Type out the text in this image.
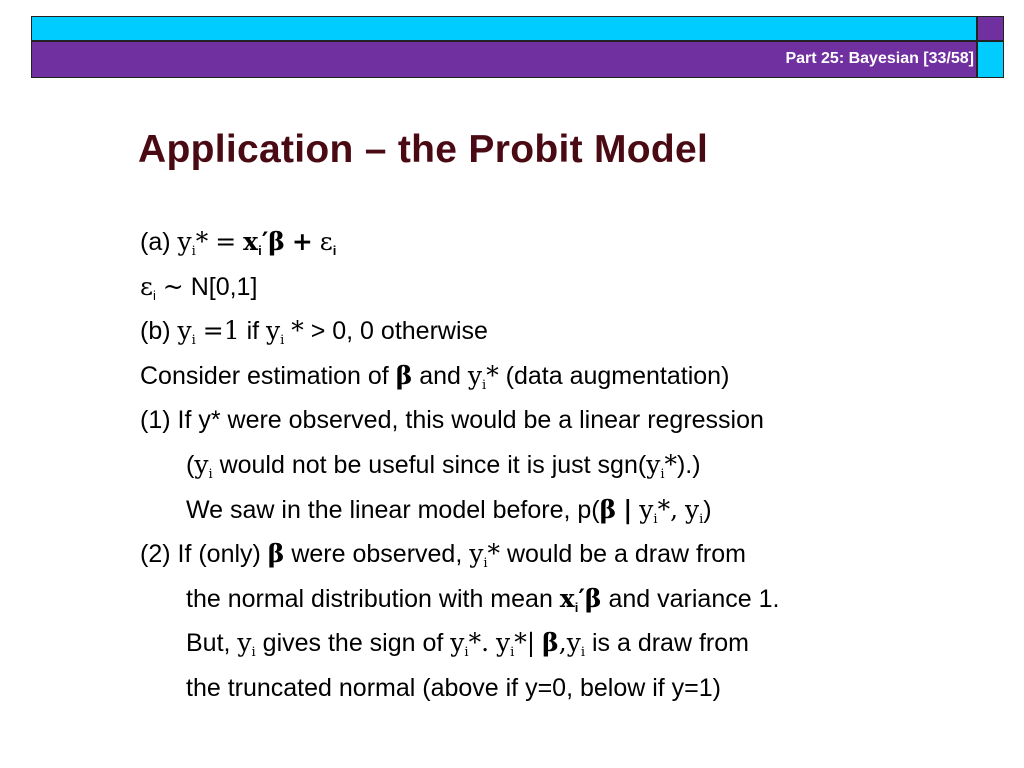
Part 25: Bayesian [33/58]
Application – the Probit Model
(a) $y_i* = x_i'\beta + \varepsilon_i$
$\varepsilon_i$ ~ N[0,1]
(b) $y_i =1$ if $y_i$ * > 0, 0 otherwise
Consider estimation of β and $y_i*$ (data augmentation)
(1) If y* were observed, this would be a linear regression
($y_i$ would not be useful since it is just $sgn(y_i*)$.)
We saw in the linear model before, p(β | $y_i*$, $y_i$)
(2) If (only) β were observed, $y_i*$ would be a draw from
the normal distribution with mean $x_i'\beta$ and variance 1.
But, $y_i$ gives the sign of $y_i*$. $y_i*|$ $\beta,y_i$ is a draw from
the truncated normal (above if y=0, below if y=1)
